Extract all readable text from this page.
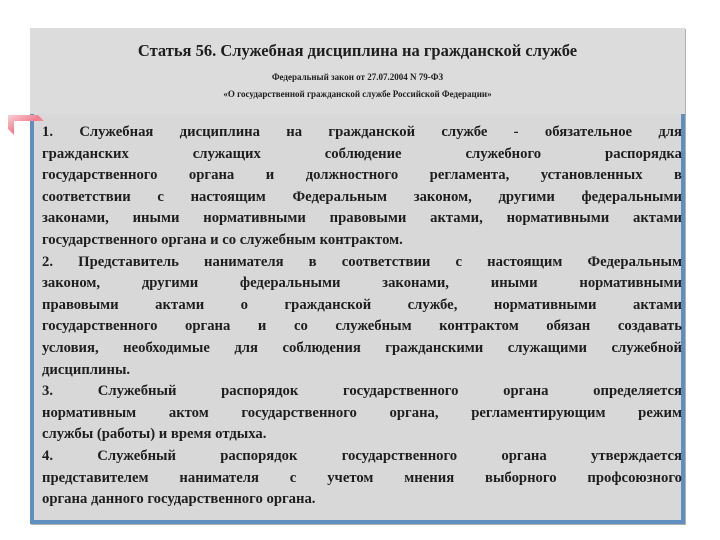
Статья 56. Служебная дисциплина на гражданской службе
Федеральный закон от 27.07.2004 N 79-ФЗ
«О государственной гражданской службе Российской Федерации»

1. Служебная дисциплина на гражданской службе - обязательное для
гражданских служащих соблюдение служебного распорядка
государственного органа и должностного регламента, установленных в
соответствии с настоящим Федеральным законом, другими федеральными
законами, иными нормативными правовыми актами, нормативными актами
государственного органа и со служебным контрактом.

2. Представитель нанимателя в соответствии с настоящим Федеральным
законом, другими федеральными законами, иными нормативными
правовыми актами о гражданской службе, нормативными актами
государственного органа и со служебным контрактом обязан создавать
условия, необходимые для соблюдения гражданскими служащими служебной
дисциплины.

3. Служебный распорядок государственного органа определяется
нормативным актом государственного органа, регламентирующим режим
службы (работы) и время отдыха.

4. Служебный распорядок государственного органа утверждается
представителем нанимателя с учетом мнения выборного профсоюзного
органа данного государственного органа.
